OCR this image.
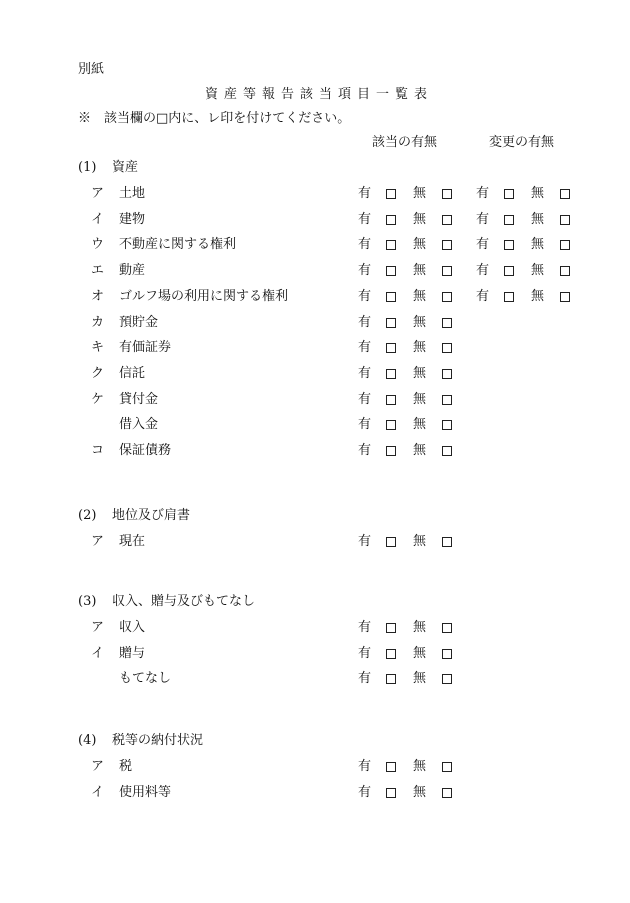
別紙
資産等報告該当項目一覧表
※　該当欄の□内に、レ印を付けてください。
該当の有無	変更の有無
(1) 資産
ア 土地	有	無	有	無
イ 建物	有	無	有	無
ウ 不動産に関する権利	有	無	有	無
エ 動産	有	無	有	無
オ ゴルフ場の利用に関する権利	有	無	有	無
カ 預貯金	有	無
キ 有価証券	有	無
ク 信託	有	無
ケ 貸付金	有	無
借入金	有	無
コ 保証債務	有	無
(2) 地位及び肩書
ア 現在	有	無
(3) 収入、贈与及びもてなし
ア 収入	有	無
イ 贈与	有	無
もてなし	有	無
(4) 税等の納付状況
ア 税	有	無
イ 使用料等	有	無
